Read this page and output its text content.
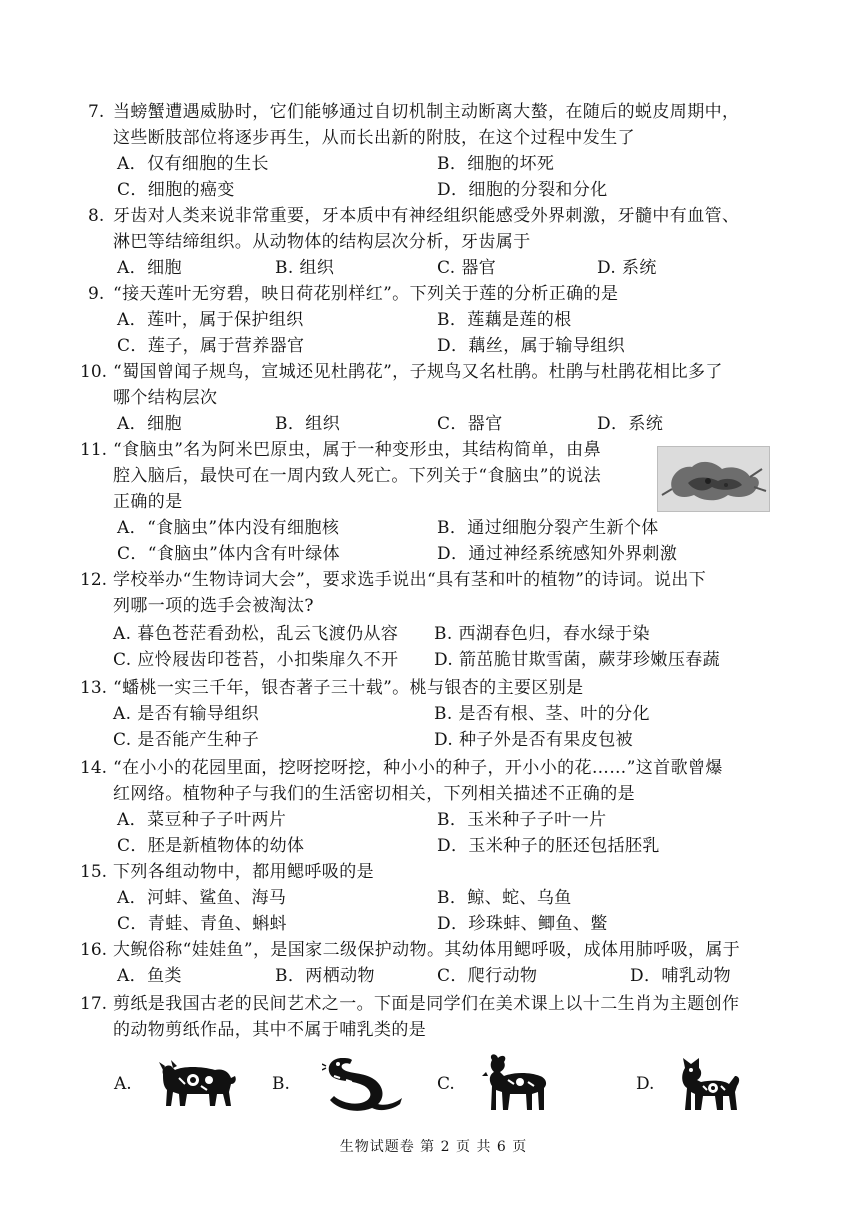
7. 当螃蟹遭遇威胁时，它们能够通过自切机制主动断离大螯，在随后的蜕皮周期中，
这些断肢部位将逐步再生，从而长出新的附肢，在这个过程中发生了
A．仅有细胞的生长	B．细胞的坏死
C．细胞的癌变	D．细胞的分裂和分化
8. 牙齿对人类来说非常重要，牙本质中有神经组织能感受外界刺激，牙髓中有血管、
淋巴等结缔组织。从动物体的结构层次分析，牙齿属于
A．细胞	B. 组织	C. 器官	D. 系统
9. “接天莲叶无穷碧，映日荷花别样红”。下列关于莲的分析正确的是
A．莲叶，属于保护组织	B．莲藕是莲的根
C．莲子，属于营养器官	D．藕丝，属于输导组织
10. “蜀国曾闻子规鸟，宣城还见杜鹃花”，子规鸟又名杜鹃。杜鹃与杜鹃花相比多了
哪个结构层次
A．细胞	B．组织	C．器官	D．系统
11. “食脑虫”名为阿米巴原虫，属于一种变形虫，其结构简单，由鼻
腔入脑后，最快可在一周内致人死亡。下列关于“食脑虫”的说法
正确的是
A．“食脑虫”体内没有细胞核	B．通过细胞分裂产生新个体
C．“食脑虫”体内含有叶绿体	D．通过神经系统感知外界刺激
12. 学校举办“生物诗词大会”，要求选手说出“具有茎和叶的植物”的诗词。说出下
列哪一项的选手会被淘汰?
A. 暮色苍茫看劲松，乱云飞渡仍从容 B. 西湖春色归，春水绿于染
C. 应怜屐齿印苍苔，小扣柴扉久不开 D. 箭茁脆甘欺雪菌，蕨芽珍嫩压春蔬
13. “蟠桃一实三千年，银杏著子三十载”。桃与银杏的主要区别是
A. 是否有输导组织	B. 是否有根、茎、叶的分化
C. 是否能产生种子	D. 种子外是否有果皮包被
14. “在小小的花园里面，挖呀挖呀挖，种小小的种子，开小小的花……”这首歌曾爆
红网络。植物种子与我们的生活密切相关，下列相关描述不正确的是
A．菜豆种子子叶两片	B．玉米种子子叶一片
C．胚是新植物体的幼体	D．玉米种子的胚还包括胚乳
15. 下列各组动物中，都用鳃呼吸的是
A．河蚌、鲨鱼、海马	B．鲸、蛇、乌鱼
C．青蛙、青鱼、蝌蚪	D．珍珠蚌、鲫鱼、鳖
16. 大鲵俗称“娃娃鱼”，是国家二级保护动物。其幼体用鳃呼吸，成体用肺呼吸，属于
A．鱼类	B．两栖动物	C．爬行动物	D．哺乳动物
17. 剪纸是我国古老的民间艺术之一。下面是同学们在美术课上以十二生肖为主题创作
的动物剪纸作品，其中不属于哺乳类的是
A.	B.	C.	D.
生物试题卷 第 2 页 共 6 页
